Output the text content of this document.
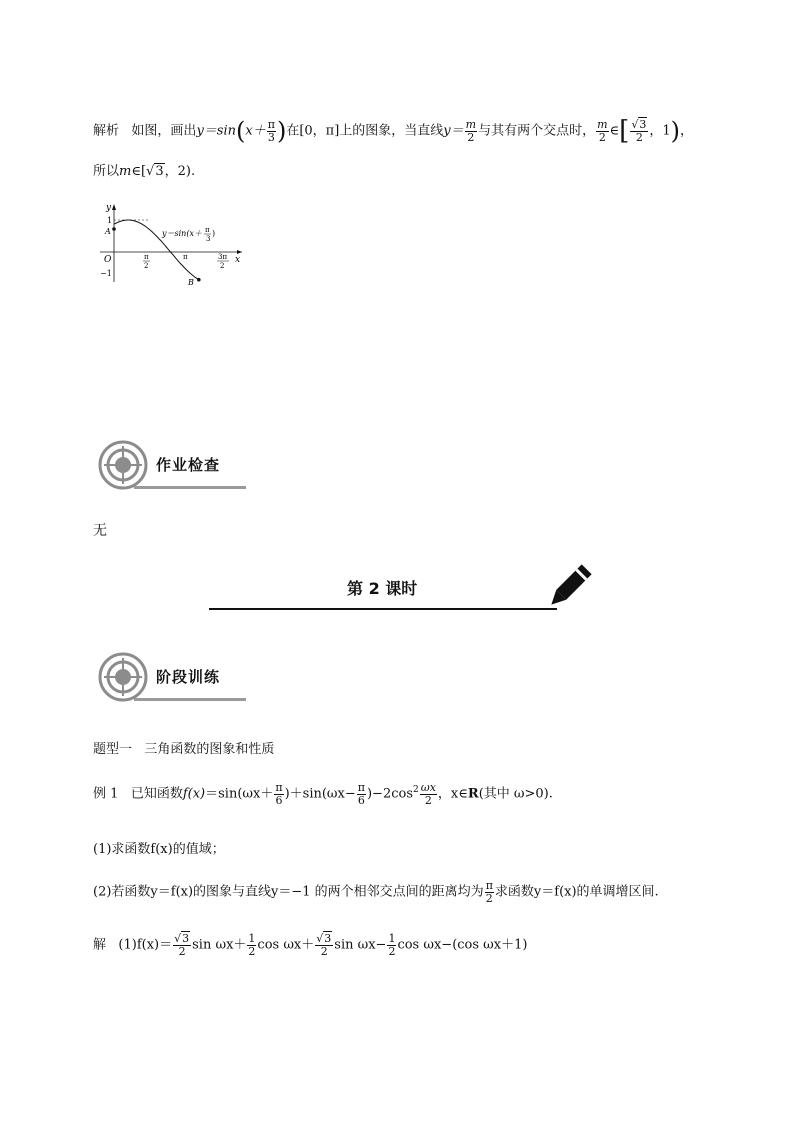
解析 如图，画出$y=\sin(x+ \frac{\pi}{3}$ )在[0，π]上的图象，当直线$y= \frac{m}{2}$ 与其有两个交点时， $\frac{m}{2}$ ∈[ $\frac{√3}{2}$ ，1)，
所以m∈[√3，2).
y
x
O
1
−1
A
B
y＝sin(x＋ π
3
)
π
2
π	3π
2
作业检查
无
第 2 课时
阶段训练
题型一 三角函数的图象和性质
例 1 已知函数$f(x)=\sin(\omega x+ \frac{\pi}{6} )+\sin(\omega x- \frac{\pi}{6} )-2\cos^2 \frac{\omega x}{2}$ ，x∈R(其中 ω>0).
(1)求函数f(x)的值域；
(2)若函数y＝f(x)的图象与直线y＝−1 的两个相邻交点间的距离均为 $\frac{\pi}{2}$ 求函数y＝f(x)的单调增区间.
解 $(1)f(x)= \frac{√3}{2}$ $\sin \omega x+ \frac{1}{2}$ $\cos \omega x+ \frac{√3}{2}$ $\sin \omega x- \frac{1}{2}$ cos ωx−(cos ωx＋1)
